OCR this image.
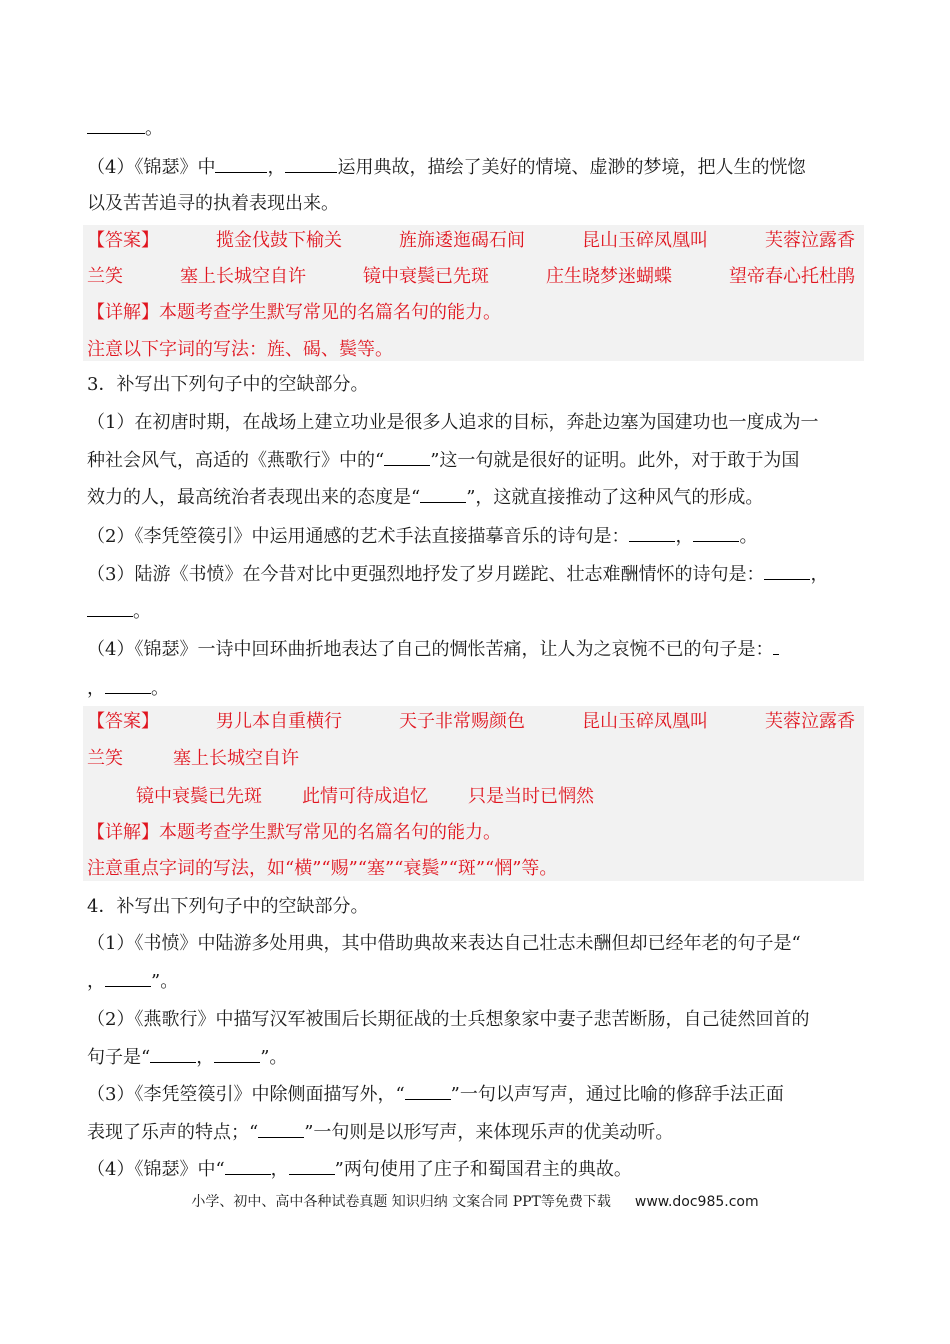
。
（4）《锦瑟》中	，	运用典故，描绘了美好的情境、虚渺的梦境，把人生的恍惚
以及苦苦追寻的执着表现出来。
【答案】	揽金伐鼓下榆关	旌旆逶迤碣石间	昆山玉碎凤凰叫	芙蓉泣露香
兰笑	塞上长城空自许	镜中衰鬓已先斑	庄生晓梦迷蝴蝶	望帝春心托杜鹃
【详解】本题考查学生默写常见的名篇名句的能力。
注意以下字词的写法：旌、碣、鬓等。
3．补写出下列句子中的空缺部分。
（1）在初唐时期，在战场上建立功业是很多人追求的目标，奔赴边塞为国建功也一度成为一
种社会风气，高适的《燕歌行》中的“	”这一句就是很好的证明。此外，对于敢于为国
效力的人，最高统治者表现出来的态度是“	”，这就直接推动了这种风气的形成。
（2）《李凭箜篌引》中运用通感的艺术手法直接描摹音乐的诗句是：	，	。
（3）陆游《书愤》在今昔对比中更强烈地抒发了岁月蹉跎、壮志难酬情怀的诗句是：	，
。
（4）《锦瑟》一诗中回环曲折地表达了自己的惆怅苦痛，让人为之哀惋不已的句子是：
，	。
【答案】	男儿本自重横行	天子非常赐颜色	昆山玉碎凤凰叫	芙蓉泣露香
兰笑	塞上长城空自许
镜中衰鬓已先斑 此情可待成追忆 只是当时已惘然
【详解】本题考查学生默写常见的名篇名句的能力。
注意重点字词的写法，如“横”“赐”“塞”“衰鬓”“斑”“惘”等。
4．补写出下列句子中的空缺部分。
（1）《书愤》中陆游多处用典，其中借助典故来表达自己壮志未酬但却已经年老的句子是“
，	”。
（2）《燕歌行》中描写汉军被围后长期征战的士兵想象家中妻子悲苦断肠，自己徒然回首的
句子是“	，	”。
（3）《李凭箜篌引》中除侧面描写外，“	”一句以声写声，通过比喻的修辞手法正面
表现了乐声的特点；“	”一句则是以形写声，来体现乐声的优美动听。
（4）《锦瑟》中“	，	”两句使用了庄子和蜀国君主的典故。
小学、初中、高中各种试卷真题 知识归纳 文案合同 PPT等免费下载 www.doc985.com
